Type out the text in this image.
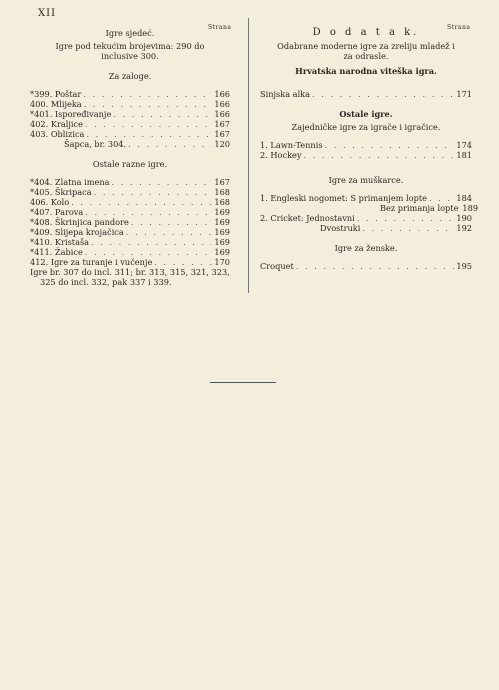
XII
Strana	Strana
Igre sjedeć.
Igre pod tekućim brojevima: 290 do inclusive 300.
Za zaloge.
*399. Poštar . . .	166
400. Mlijeka . . .	166
*401. Ispoređivanje . . .	166
402. Kraljice . . .	167
403. Oblizica . . .	167
Šapca, br. 304. . . .	120
Ostale razne igre.
*404. Zlatna imena . . .	167
*405. Škripaca . . .	168
406. Kolo . . .	168
*407. Parova . . .	169
*408. Škrinjica pandore . . .	169
*409. Slijepa krojačica . . .	169
*410. Kristaša . . .	169
*411. Žabice . . .	169
412. Igre za turanje i vučenje . . .	170
Igre br. 307 do incl. 311; br. 313, 315, 321, 323, 325 do incl. 332, pak 337 i 339.
D o d a t a k.
Odabrane moderne igre za zreliju mladež i za odrasle.
Hrvatska narodna viteška igra.
Sinjska alka . . .	171
Ostale igre.
Zajedničke igre za igrače i igračice.
1. Lawn-Tennis . . .	174
2. Hockey . . .	181
Igre za muškarce.
1. Engleski nogomet: S primanjem lopte . . .	184
Bez primanja lopte 189
2. Cricket: Jednostavni . . .	190
Dvostruki . . .	192
Igre za ženske.
Croquet . . .	195
